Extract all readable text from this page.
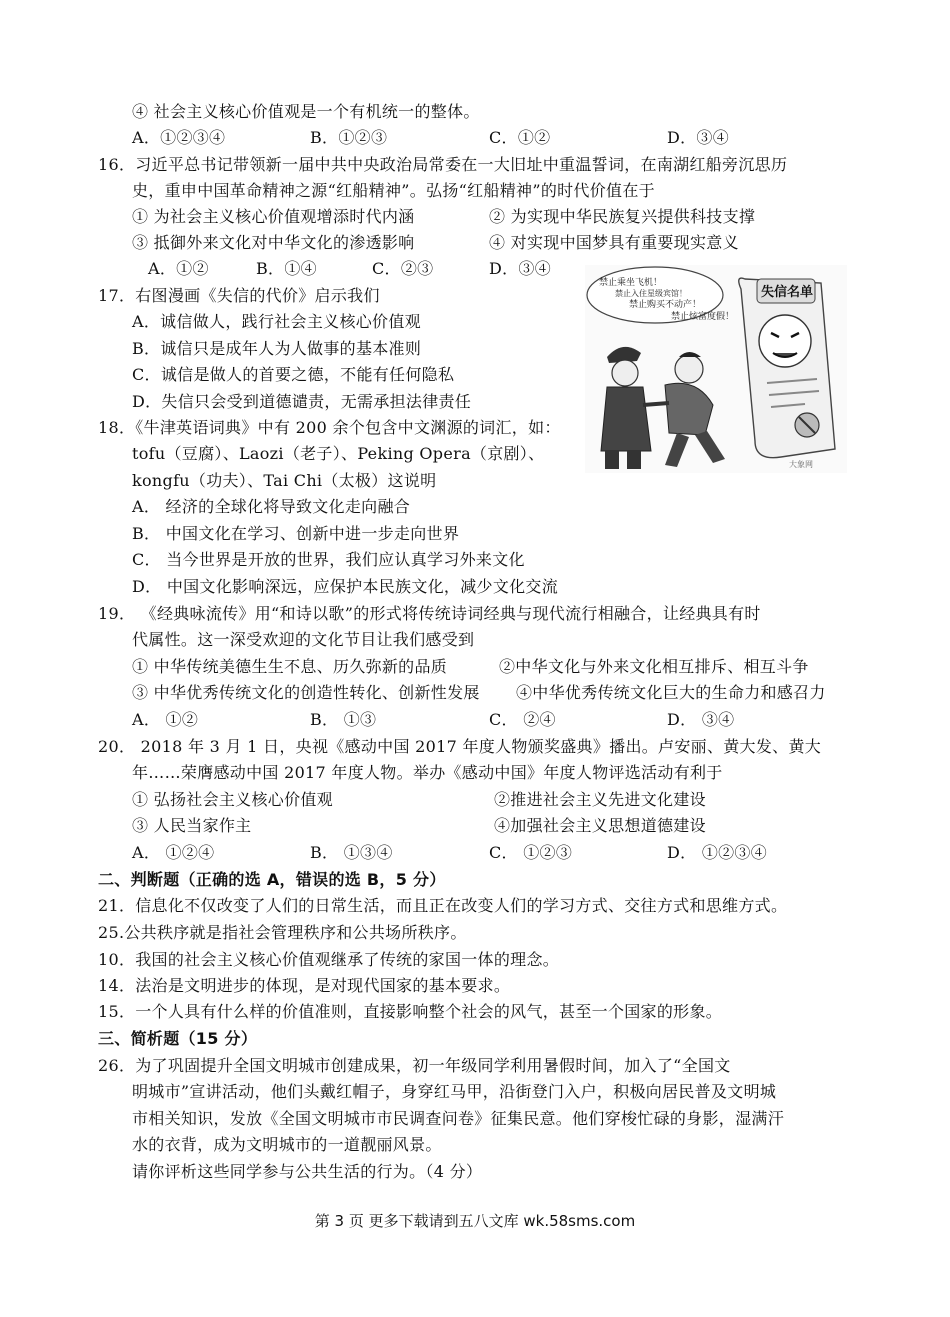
④ 社会主义核心价值观是一个有机统一的整体。
A．①②③④	B．①②③	C．①②	D．③④
16．习近平总书记带领新一届中共中央政治局常委在一大旧址中重温誓词，在南湖红船旁沉思历
史，重申中国革命精神之源“红船精神”。弘扬“红船精神”的时代价值在于
① 为社会主义核心价值观增添时代内涵	② 为实现中华民族复兴提供科技支撑
③ 抵御外来文化对中华文化的渗透影响	④ 对实现中国梦具有重要现实意义
A．①②	B．①④	C．②③	D．③④
17．右图漫画《失信的代价》启示我们
A．诚信做人，践行社会主义核心价值观
B．诚信只是成年人为人做事的基本准则
C．诚信是做人的首要之德，不能有任何隐私
D．失信只会受到道德谴责，无需承担法律责任
18．《牛津英语词典》中有 200 余个包含中文渊源的词汇，如：
tofu（豆腐）、Laozi（老子）、Peking Opera（京剧）、
kongfu（功夫）、Tai Chi（太极）这说明
A． 经济的全球化将导致文化走向融合
B． 中国文化在学习、创新中进一步走向世界
C． 当今世界是开放的世界，我们应认真学习外来文化
D． 中国文化影响深远，应保护本民族文化，减少文化交流
19． 《经典咏流传》用“和诗以歌”的形式将传统诗词经典与现代流行相融合，让经典具有时
代属性。这一深受欢迎的文化节目让我们感受到
① 中华传统美德生生不息、历久弥新的品质	②中华文化与外来文化相互排斥、相互斗争
③ 中华优秀传统文化的创造性转化、创新性发展 ④中华优秀传统文化巨大的生命力和感召力
A． ①②	B． ①③	C． ②④	D． ③④
20． 2018 年 3 月 1 日，央视《感动中国 2017 年度人物颁奖盛典》播出。卢安丽、黄大发、黄大
年……荣膺感动中国 2017 年度人物。举办《感动中国》年度人物评选活动有利于
① 弘扬社会主义核心价值观	②推进社会主义先进文化建设
③ 人民当家作主	④加强社会主义思想道德建设
A． ①②④	B． ①③④	C． ①②③	D． ①②③④
二、判断题（正确的选 A，错误的选 B，5 分）
21．信息化不仅改变了人们的日常生活，而且正在改变人们的学习方式、交往方式和思维方式。
25.公共秩序就是指社会管理秩序和公共场所秩序。
10．我国的社会主义核心价值观继承了传统的家国一体的理念。
14．法治是文明进步的体现，是对现代国家的基本要求。
15．一个人具有什么样的价值准则，直接影响整个社会的风气，甚至一个国家的形象。
三、简析题（15 分）
26．为了巩固提升全国文明城市创建成果，初一年级同学利用暑假时间，加入了“全国文
明城市”宣讲活动，他们头戴红帽子，身穿红马甲，沿街登门入户，积极向居民普及文明城
市相关知识，发放《全国文明城市市民调查问卷》征集民意。他们穿梭忙碌的身影，湿满汗
水的衣背，成为文明城市的一道靓丽风景。
请你评析这些同学参与公共生活的行为。（4 分）
禁止乘坐飞机！
禁止入住星级宾馆！
禁止购买不动产！
禁止炫富度假！
失信名单
大象网
第 3 页 更多下载请到五八文库 wk.58sms.com
